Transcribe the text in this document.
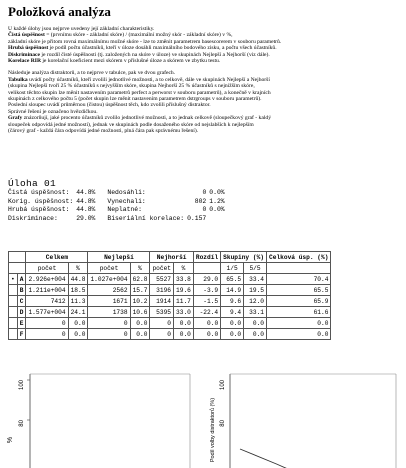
Položková analýza

U každé úlohy jsou nejprve uvedeny její základní charakteristiky.

Čistá úspěšnost = (prvnímu skóre - základní skóre) / (maximální možný skór - základní skóre) v %,

základní skóre je přitom rovná maximálnímu možné skóre - lze to změnit parametrem basescorerem v souboru parametrů.

Hrubá úspěšnost je podíl počtu účastníků, kteří v úloze dosáhli maximálního bodového zisku, a počtu všech účastníků.

Diskriminace je rozdíl čisté úspěšnosti (tj. založených na skóre v úloze) ve skupinách Nejlepší a Nejhorší (viz dále).

Korelace RIR je korelační koeficient mezi skórem v příslušné úloze a skórem ve zbytku testu.

Následuje analýza distraktorů, a to nejprve v tabulce, pak ve dvou grafech.

Tabulka uvádí počty účastníků, kteří zvolili jednotlivé možnosti, a to celkově, dále ve skupinách Nejlepší a Nejhorší

(skupina Nejlepší tvoří 25 % účastníků s nejvyšším skóre, skupina Nejhorší 25 % účastníků s nejnižším skóre,

velikost těchto skupin lze měnit nastavením parametrů perfect a perworst v souboru parametrů), a konečně v krajních

skupinách z celkového počtu 5 (počet skupin lze měnit nastavením parametrem dstrgroups v souboru parametrů).

Poslední sloupec uvádí průměrnou (čistou) úspěšnost těch, kdo zvolili příslušný distraktor.

Správné řešení je označeno hvězdičkou.

Grafy znázorňují, jaké procento účastníků zvolilo jednotlivé možnosti, a to jednak celkově (sloupečkový graf - kaldý

sloupeček odpovídá jedné možnosti), jednak ve skupinách podle dosaženého skóre od nejslabších k nejlepším

(čárový graf - každá čára odpovídá jedné možnosti, plná čára pak správnému řešení).

Úloha 01
Čistá úspěšnost:	44.8%		Nedosáhli:	0	0.0%
Korig. úspěšnost:	44.8%		Vynechali:	802	1.2%
Hrubá úspěšnost:	44.8%		Neplatné:	0	0.0%
Diskriminace:	29.0%		Biseriální korelace:	0.157	
		Celkem		Nejlepší		Nejhorší		Rozdíl	Skupiny (%)		Celková úsp. (%)
		počet	%	počet	%	počet	%		1/5	5/5	
•	A	2.926e+004	44.8	1.027e+004	62.8	5527	33.8	29.0	65.5	33.4	70.4
	B	1.211e+004	18.5	2562	15.7	3196	19.6	-3.9	14.9	19.5	65.5
	C	7412	11.3	1671	10.2	1914	11.7	-1.5	9.6	12.0	65.9
	D	1.577e+004	24.1	1738	10.6	5395	33.0	-22.4	9.4	33.1	61.6
	E	0	0.0	0	0.0	0	0.0	0.0	0.0	0.0	0.0
	F	0	0.0	0	0.0	0	0.0	0.0	0.0	0.0	0.0
100
80
%	Podíl volby distraktorů (%)
100
80
